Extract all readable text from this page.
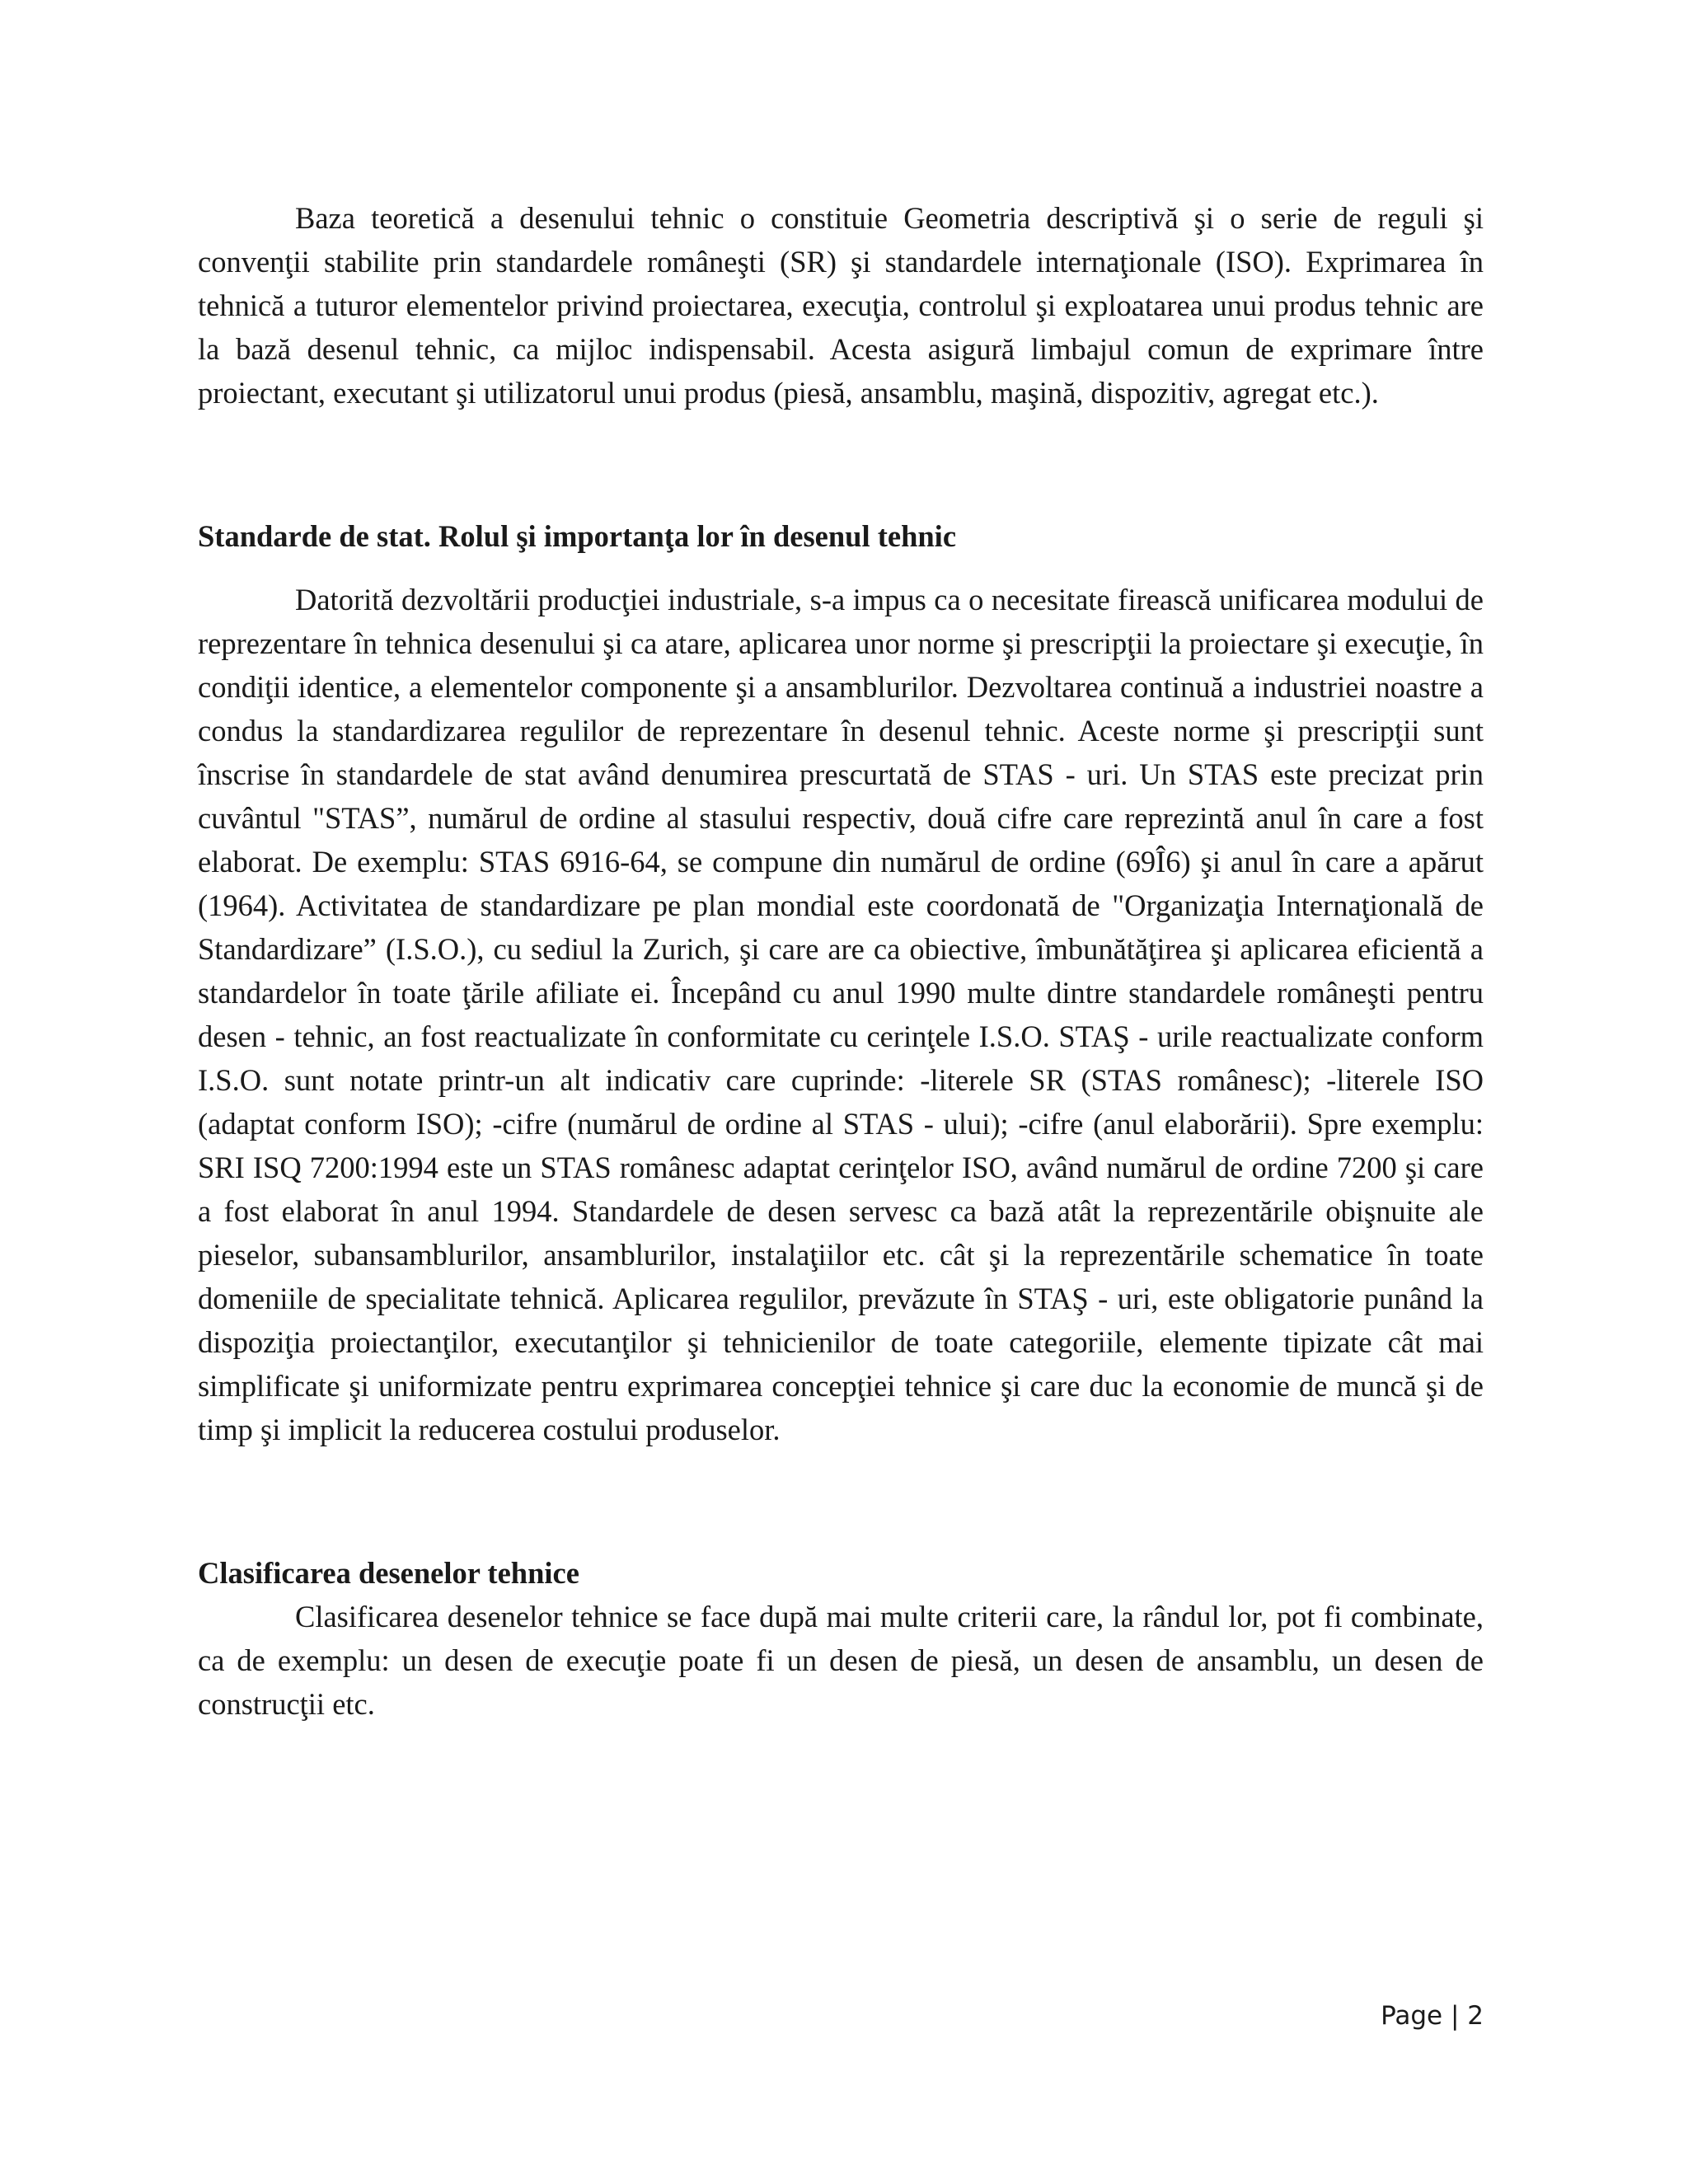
Baza teoretică a desenului tehnic o constituie Geometria descriptivă şi o serie de reguli şi convenţii stabilite prin standardele româneşti (SR) şi standardele internaţionale (ISO). Exprimarea în tehnică a tuturor elementelor privind proiectarea, execuţia, controlul şi exploatarea unui produs tehnic are la bază desenul tehnic, ca mijloc indispensabil. Acesta asigură limbajul comun de exprimare între proiectant, executant şi utilizatorul unui produs (piesă, ansamblu, maşină, dispozitiv, agregat etc.).

Standarde de stat. Rolul şi importanţa lor în desenul tehnic

Datorită dezvoltării producţiei industriale, s-a impus ca o necesitate firească unificarea modului de reprezentare în tehnica desenului şi ca atare, aplicarea unor norme şi prescripţii la proiectare şi execuţie, în condiţii identice, a elementelor componente şi a ansamblurilor. Dezvoltarea continuă a industriei noastre a condus la standardizarea regulilor de reprezentare în desenul tehnic. Aceste norme şi prescripţii sunt înscrise în standardele de stat având denumirea prescurtată de STAS - uri. Un STAS este precizat prin cuvântul "STAS”, numărul de ordine al stasului respectiv, două cifre care reprezintă anul în care a fost elaborat. De exemplu: STAS 6916-64, se compune din numărul de ordine (69Î6) şi anul în care a apărut (1964). Activitatea de standardizare pe plan mondial este coordonată de "Organizaţia Internaţională de Standardizare” (I.S.O.), cu sediul la Zurich, şi care are ca obiective, îmbunătăţirea şi aplicarea eficientă a standardelor în toate ţările afiliate ei. Începând cu anul 1990 multe dintre standardele româneşti pentru desen - tehnic, an fost reactualizate în conformitate cu cerinţele I.S.O. STAŞ - urile reactualizate conform I.S.O. sunt notate printr-un alt indicativ care cuprinde: -literele SR (STAS românesc); -literele ISO (adaptat conform ISO); -cifre (numărul de ordine al STAS - ului); -cifre (anul elaborării). Spre exemplu: SRI ISQ 7200:1994 este un STAS românesc adaptat cerinţelor ISO, având numărul de ordine 7200 şi care a fost elaborat în anul 1994. Standardele de desen servesc ca bază atât la reprezentările obişnuite ale pieselor, subansamblurilor, ansamblurilor, instalaţiilor etc. cât şi la reprezentările schematice în toate domeniile de specialitate tehnică. Aplicarea regulilor, prevăzute în STAŞ - uri, este obligatorie punând la dispoziţia proiectanţilor, executanţilor şi tehnicienilor de toate categoriile, elemente tipizate cât mai simplificate şi uniformizate pentru exprimarea concepţiei tehnice şi care duc la economie de muncă şi de timp şi implicit la reducerea costului produselor.

Clasificarea desenelor tehnice

Clasificarea desenelor tehnice se face după mai multe criterii care, la rândul lor, pot fi combinate, ca de exemplu: un desen de execuţie poate fi un desen de piesă, un desen de ansamblu, un desen de construcţii etc.

Page | 2
